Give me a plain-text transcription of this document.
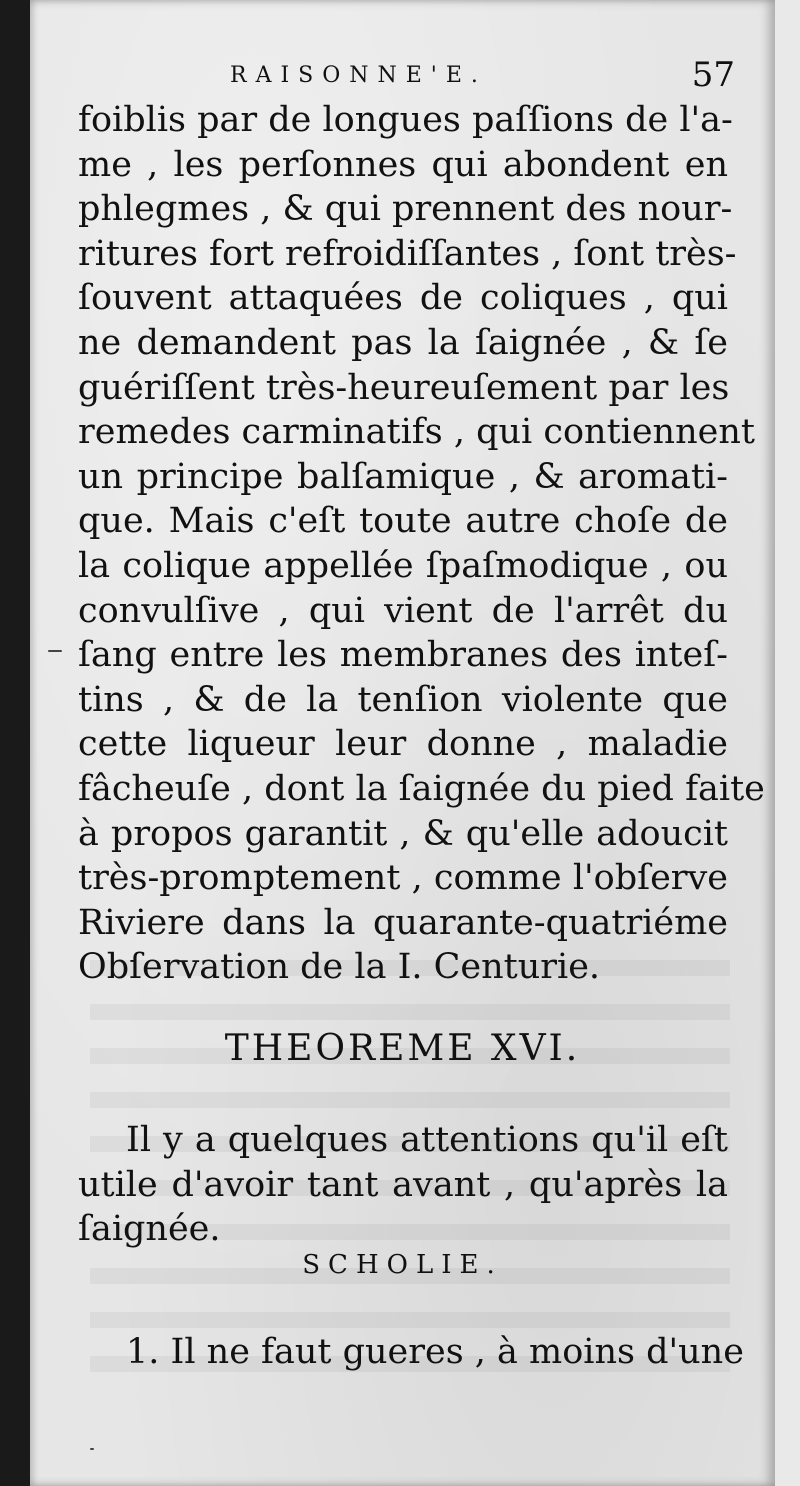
RAISONNE'E.	57
foiblis par de longues paſſions de l'a-
me , les perſonnes qui abondent en
phlegmes , & qui prennent des nour-
ritures fort refroidiſſantes , ſont très-
ſouvent attaquées de coliques , qui
ne demandent pas la ſaignée , & ſe
guériſſent très-heureuſement par les
remedes carminatifs , qui contiennent
un principe balſamique , & aromati-
que. Mais c'eſt toute autre choſe de
la colique appellée ſpaſmodique , ou
convulſive , qui vient de l'arrêt du
ſang entre les membranes des inteſ-
tins , & de la tenſion violente que
cette liqueur leur donne , maladie
fâcheuſe , dont la ſaignée du pied faite
à propos garantit , & qu'elle adoucit
très-promptement , comme l'obſerve
Riviere dans la quarante-quatriéme
Obſervation de la I. Centurie.
THEOREME XVI.
Il y a quelques attentions qu'il eſt
utile d'avoir tant avant , qu'après la
ſaignée.
SCHOLIE.
1. Il ne faut gueres , à moins d'une
